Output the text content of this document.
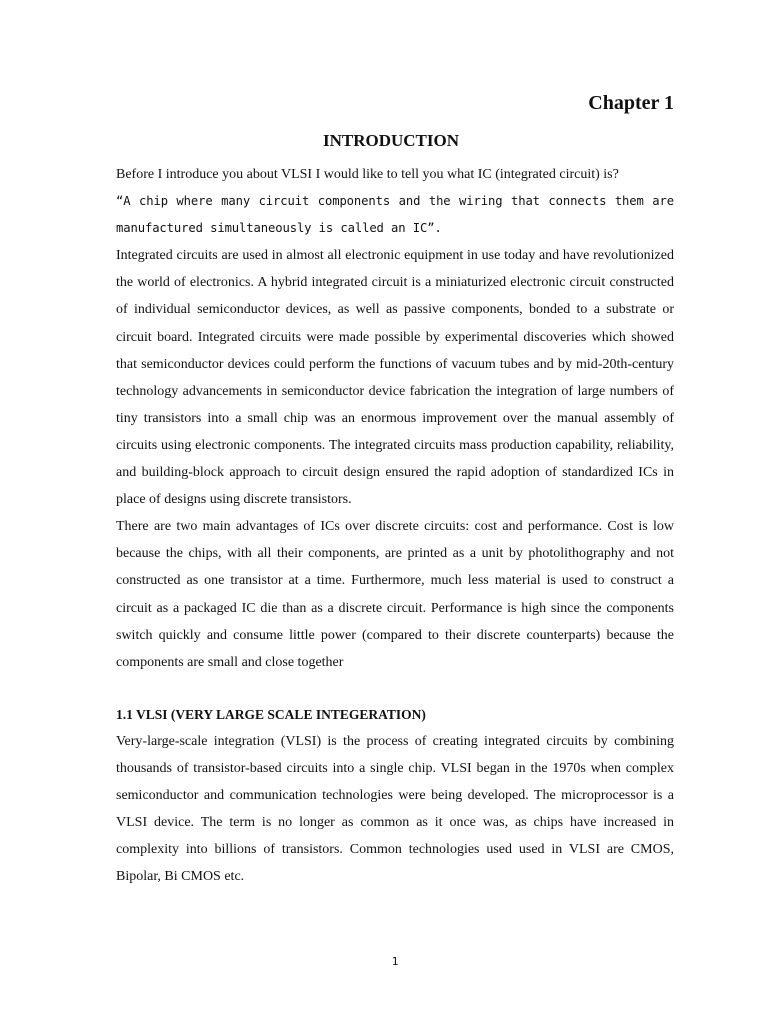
Chapter 1
INTRODUCTION

Before I introduce you about VLSI I would like to tell you what IC (integrated circuit) is?

“A chip where many circuit components and the wiring that connects them are manufactured simultaneously is called an IC”.

Integrated circuits are used in almost all electronic equipment in use today and have revolutionized the world of electronics. A hybrid integrated circuit is a miniaturized electronic circuit constructed of individual semiconductor devices, as well as passive components, bonded to a substrate or circuit board. Integrated circuits were made possible by experimental discoveries which showed that semiconductor devices could perform the functions of vacuum tubes and by mid-20th-century technology advancements in semiconductor device fabrication the integration of large numbers of tiny transistors into a small chip was an enormous improvement over the manual assembly of circuits using electronic components. The integrated circuits mass production capability, reliability, and building-block approach to circuit design ensured the rapid adoption of standardized ICs in place of designs using discrete transistors.

There are two main advantages of ICs over discrete circuits: cost and performance. Cost is low because the chips, with all their components, are printed as a unit by photolithography and not constructed as one transistor at a time. Furthermore, much less material is used to construct a circuit as a packaged IC die than as a discrete circuit. Performance is high since the components switch quickly and consume little power (compared to their discrete counterparts) because the components are small and close together

1.1 VLSI (VERY LARGE SCALE INTEGERATION)

Very-large-scale integration (VLSI) is the process of creating integrated circuits by combining thousands of transistor-based circuits into a single chip. VLSI began in the 1970s when complex semiconductor and communication technologies were being developed. The microprocessor is a VLSI device. The term is no longer as common as it once was, as chips have increased in complexity into billions of transistors. Common technologies used used in VLSI are CMOS, Bipolar, Bi CMOS etc.

1
